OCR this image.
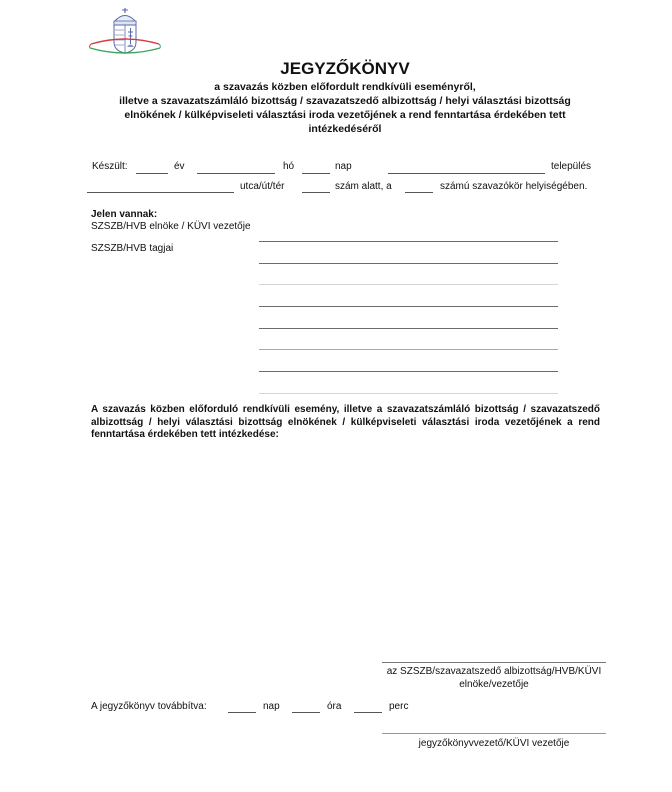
JEGYZŐKÖNYV
a szavazás közben előfordult rendkívüli eseményről,
illetve a szavazatszámláló bizottság / szavazatszedő albizottság / helyi választási bizottság
elnökének / külképviseleti választási iroda vezetőjének a rend fenntartása érdekében tett
intézkedéséről
Készült:	év	hó	nap	település
utca/út/tér	szám alatt, a	számú szavazókör helyiségében.
Jelen vannak:
SZSZB/HVB elnöke / KÜVI vezetője
SZSZB/HVB tagjai
A szavazás közben előforduló rendkívüli esemény, illetve a szavazatszámláló bizottság / szavazatszedő albizottság / helyi választási bizottság elnökének / külképviseleti választási iroda vezetőjének a rend fenntartása érdekében tett intézkedése:
az SZSZB/szavazatszedő albizottság/HVB/KÜVI elnöke/vezetője
A jegyzőkönyv továbbítva:	nap	óra	perc
jegyzőkönyvvezető/KÜVI vezetője
